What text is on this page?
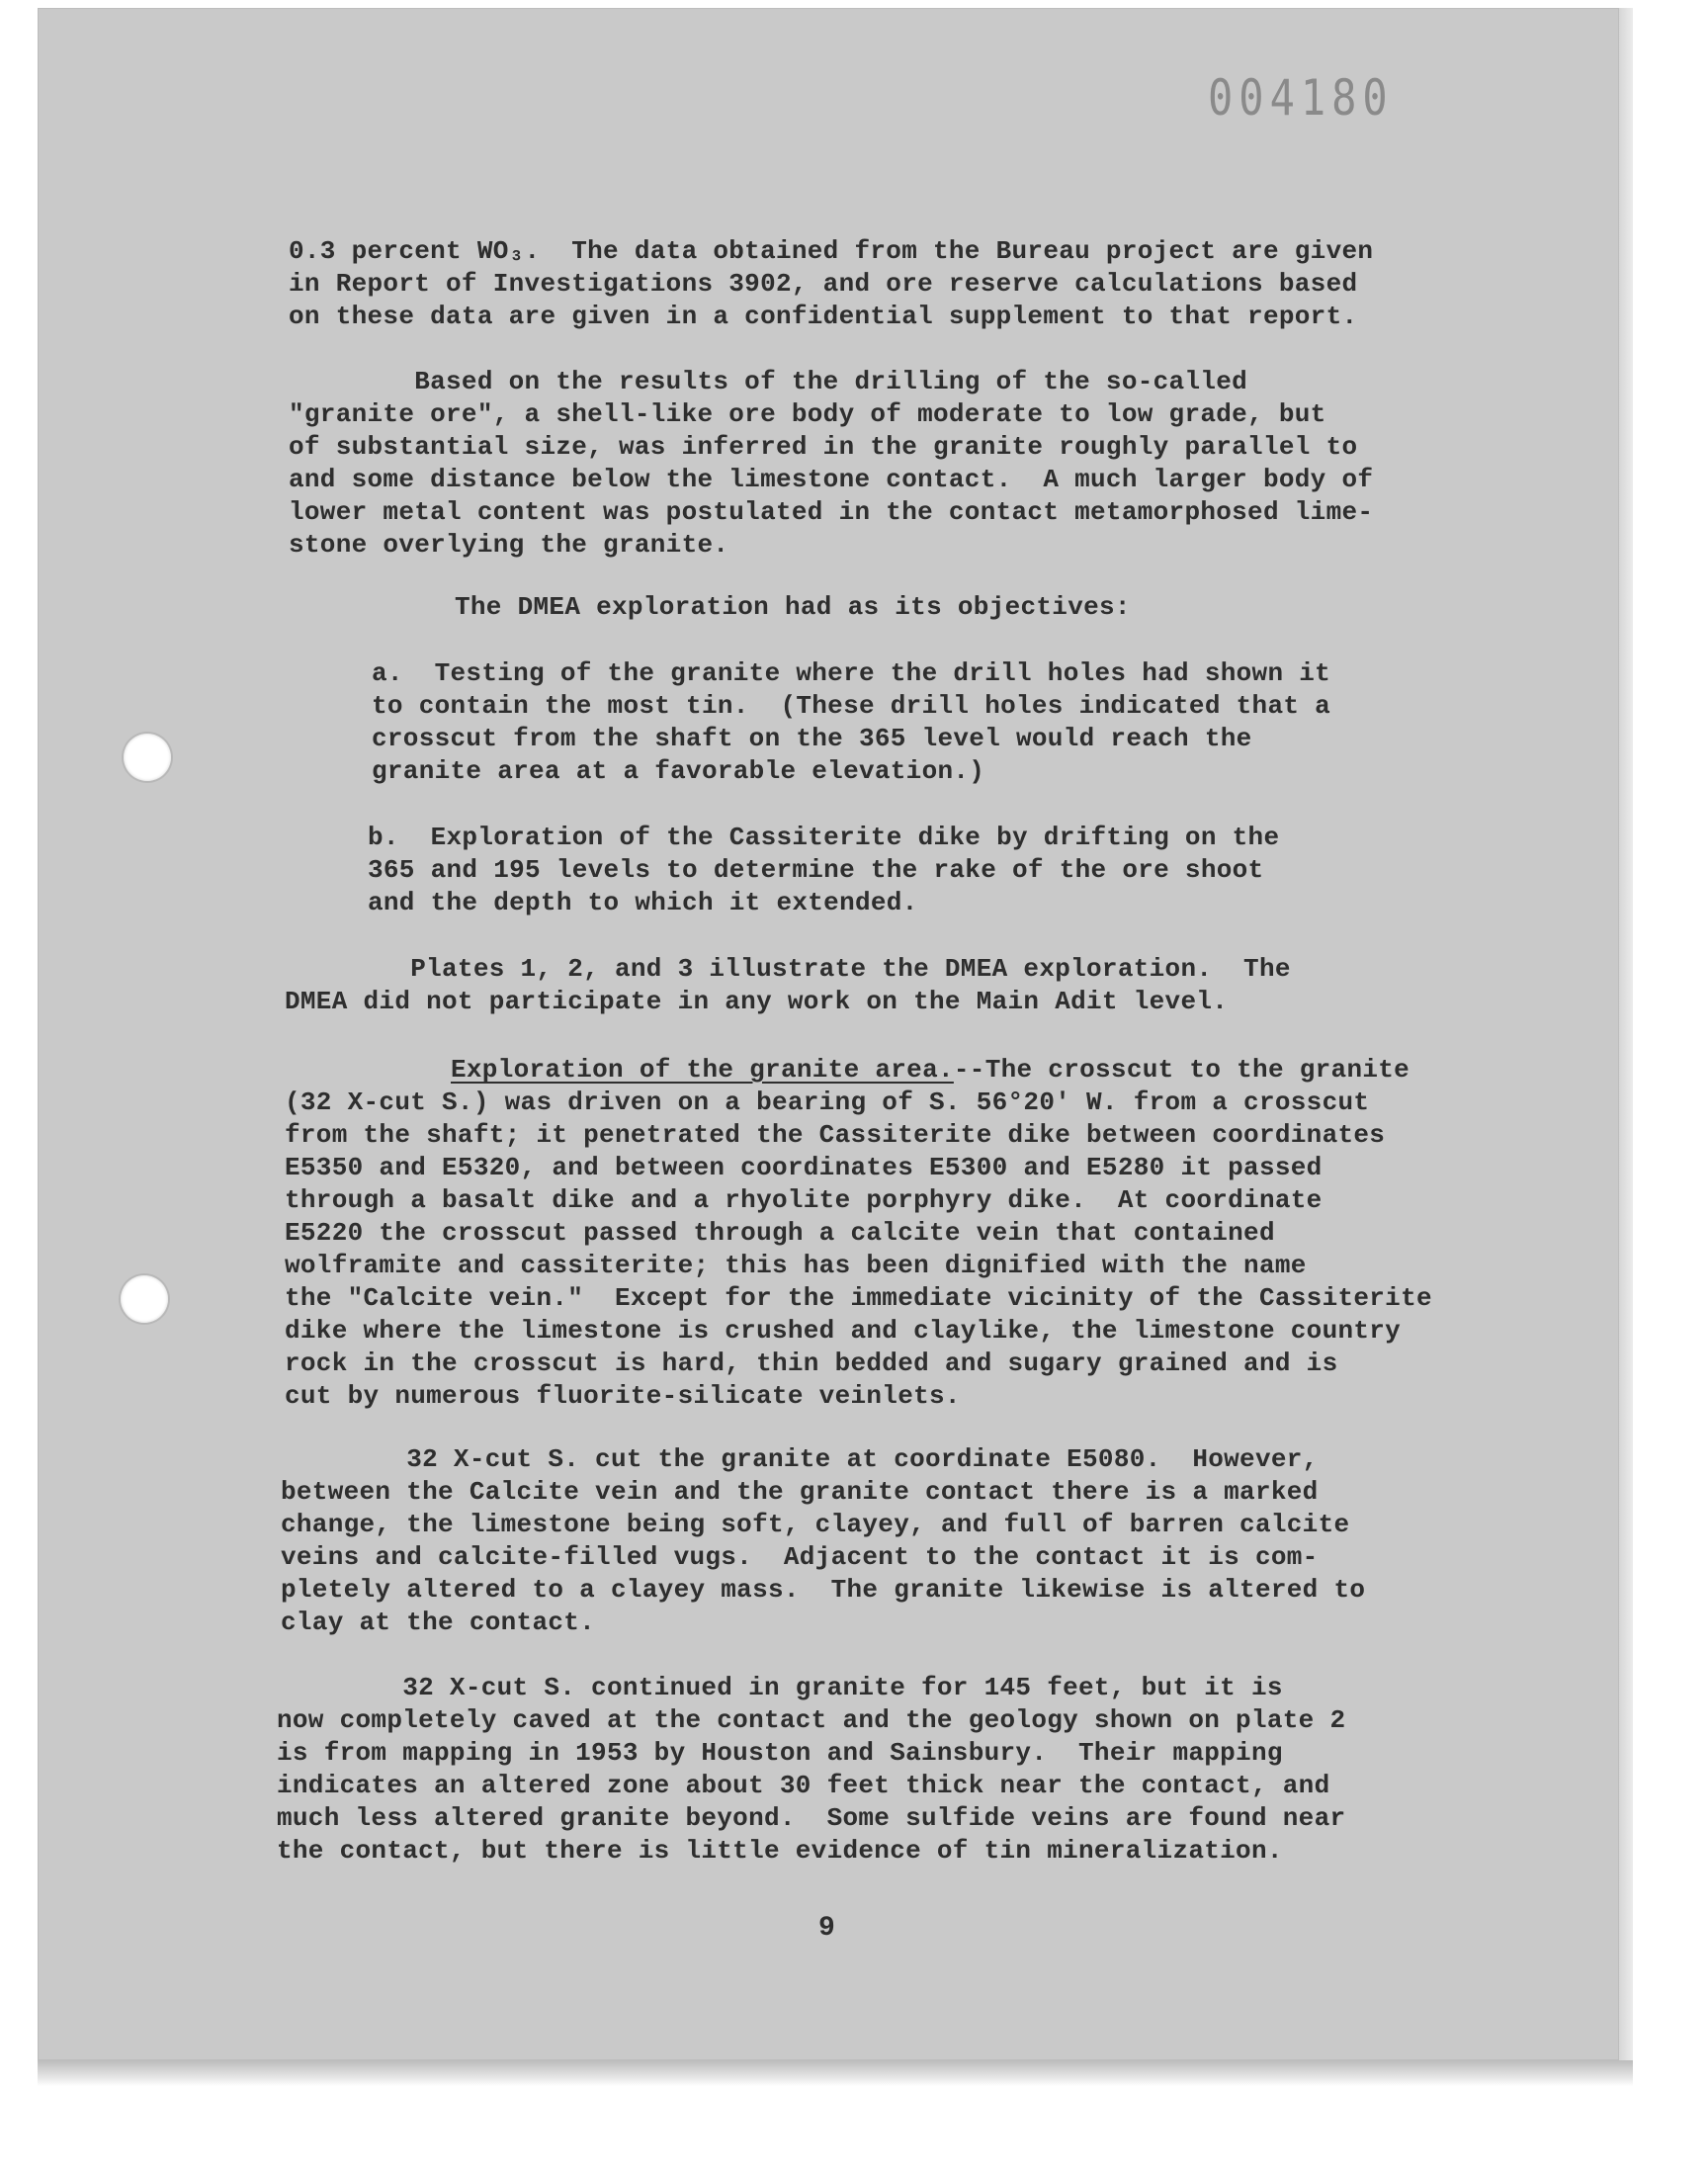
004180
0.3 percent WO₃.  The data obtained from the Bureau project are given
in Report of Investigations 3902, and ore reserve calculations based
on these data are given in a confidential supplement to that report.
Based on the results of the drilling of the so-called
"granite ore", a shell-like ore body of moderate to low grade, but
of substantial size, was inferred in the granite roughly parallel to
and some distance below the limestone contact.  A much larger body of
lower metal content was postulated in the contact metamorphosed lime-
stone overlying the granite.
The DMEA exploration had as its objectives:
a.  Testing of the granite where the drill holes had shown it
to contain the most tin.  (These drill holes indicated that a
crosscut from the shaft on the 365 level would reach the
granite area at a favorable elevation.)
b.  Exploration of the Cassiterite dike by drifting on the
365 and 195 levels to determine the rake of the ore shoot
and the depth to which it extended.
Plates 1, 2, and 3 illustrate the DMEA exploration.  The
DMEA did not participate in any work on the Main Adit level.
Exploration of the granite area.--The crosscut to the granite
(32 X-cut S.) was driven on a bearing of S. 56°20' W. from a crosscut
from the shaft; it penetrated the Cassiterite dike between coordinates
E5350 and E5320, and between coordinates E5300 and E5280 it passed
through a basalt dike and a rhyolite porphyry dike.  At coordinate
E5220 the crosscut passed through a calcite vein that contained
wolframite and cassiterite; this has been dignified with the name
the "Calcite vein."  Except for the immediate vicinity of the Cassiterite
dike where the limestone is crushed and claylike, the limestone country
rock in the crosscut is hard, thin bedded and sugary grained and is
cut by numerous fluorite-silicate veinlets.
32 X-cut S. cut the granite at coordinate E5080.  However,
between the Calcite vein and the granite contact there is a marked
change, the limestone being soft, clayey, and full of barren calcite
veins and calcite-filled vugs.  Adjacent to the contact it is com-
pletely altered to a clayey mass.  The granite likewise is altered to
clay at the contact.
32 X-cut S. continued in granite for 145 feet, but it is
now completely caved at the contact and the geology shown on plate 2
is from mapping in 1953 by Houston and Sainsbury.  Their mapping
indicates an altered zone about 30 feet thick near the contact, and
much less altered granite beyond.  Some sulfide veins are found near
the contact, but there is little evidence of tin mineralization.
9
